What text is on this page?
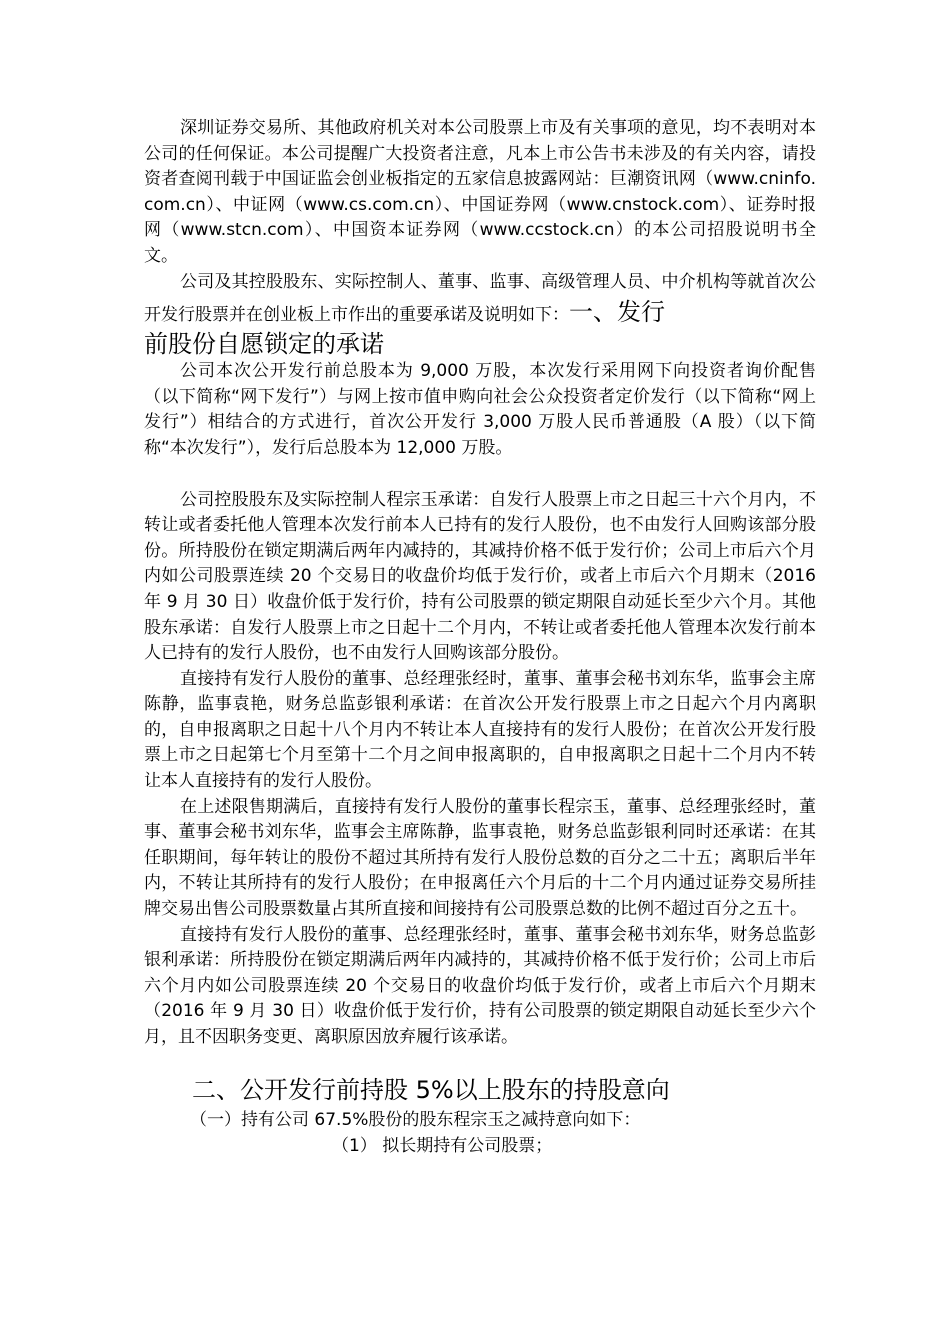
深圳证券交易所、其他政府机关对本公司股票上市及有关事项的意见，均不表明对本公司的任何保证。本公司提醒广大投资者注意，凡本上市公告书未涉及的有关内容，请投资者查阅刊载于中国证监会创业板指定的五家信息披露网站：巨潮资讯网（www.cninfo.com.cn）、中证网（www.cs.com.cn）、中国证券网（www.cnstock.com）、证券时报网（www.stcn.com）、中国资本证券网（www.ccstock.cn）的本公司招股说明书全文。

公司及其控股股东、实际控制人、董事、监事、高级管理人员、中介机构等就首次公开发行股票并在创业板上市作出的重要承诺及说明如下：一、发行

前股份自愿锁定的承诺

公司本次公开发行前总股本为 9,000 万股，本次发行采用网下向投资者询价配售（以下简称“网下发行”）与网上按市值申购向社会公众投资者定价发行（以下简称“网上发行”）相结合的方式进行，首次公开发行 3,000 万股人民币普通股（A 股）（以下简称“本次发行”），发行后总股本为 12,000 万股。

公司控股股东及实际控制人程宗玉承诺：自发行人股票上市之日起三十六个月内，不转让或者委托他人管理本次发行前本人已持有的发行人股份，也不由发行人回购该部分股份。所持股份在锁定期满后两年内减持的，其减持价格不低于发行价；公司上市后六个月内如公司股票连续 20 个交易日的收盘价均低于发行价，或者上市后六个月期末（2016 年 9 月 30 日）收盘价低于发行价，持有公司股票的锁定期限自动延长至少六个月。其他股东承诺：自发行人股票上市之日起十二个月内，不转让或者委托他人管理本次发行前本人已持有的发行人股份，也不由发行人回购该部分股份。

直接持有发行人股份的董事、总经理张经时，董事、董事会秘书刘东华，监事会主席陈静，监事袁艳，财务总监彭银利承诺：在首次公开发行股票上市之日起六个月内离职的，自申报离职之日起十八个月内不转让本人直接持有的发行人股份；在首次公开发行股票上市之日起第七个月至第十二个月之间申报离职的，自申报离职之日起十二个月内不转让本人直接持有的发行人股份。

在上述限售期满后，直接持有发行人股份的董事长程宗玉，董事、总经理张经时，董事、董事会秘书刘东华，监事会主席陈静，监事袁艳，财务总监彭银利同时还承诺：在其任职期间，每年转让的股份不超过其所持有发行人股份总数的百分之二十五；离职后半年内，不转让其所持有的发行人股份；在申报离任六个月后的十二个月内通过证券交易所挂牌交易出售公司股票数量占其所直接和间接持有公司股票总数的比例不超过百分之五十。

直接持有发行人股份的董事、总经理张经时，董事、董事会秘书刘东华，财务总监彭银利承诺：所持股份在锁定期满后两年内减持的，其减持价格不低于发行价；公司上市后六个月内如公司股票连续 20 个交易日的收盘价均低于发行价，或者上市后六个月期末（2016 年 9 月 30 日）收盘价低于发行价，持有公司股票的锁定期限自动延长至少六个月，且不因职务变更、离职原因放弃履行该承诺。

二、公开发行前持股 5%以上股东的持股意向

（一）持有公司 67.5%股份的股东程宗玉之减持意向如下：

（1） 拟长期持有公司股票；
